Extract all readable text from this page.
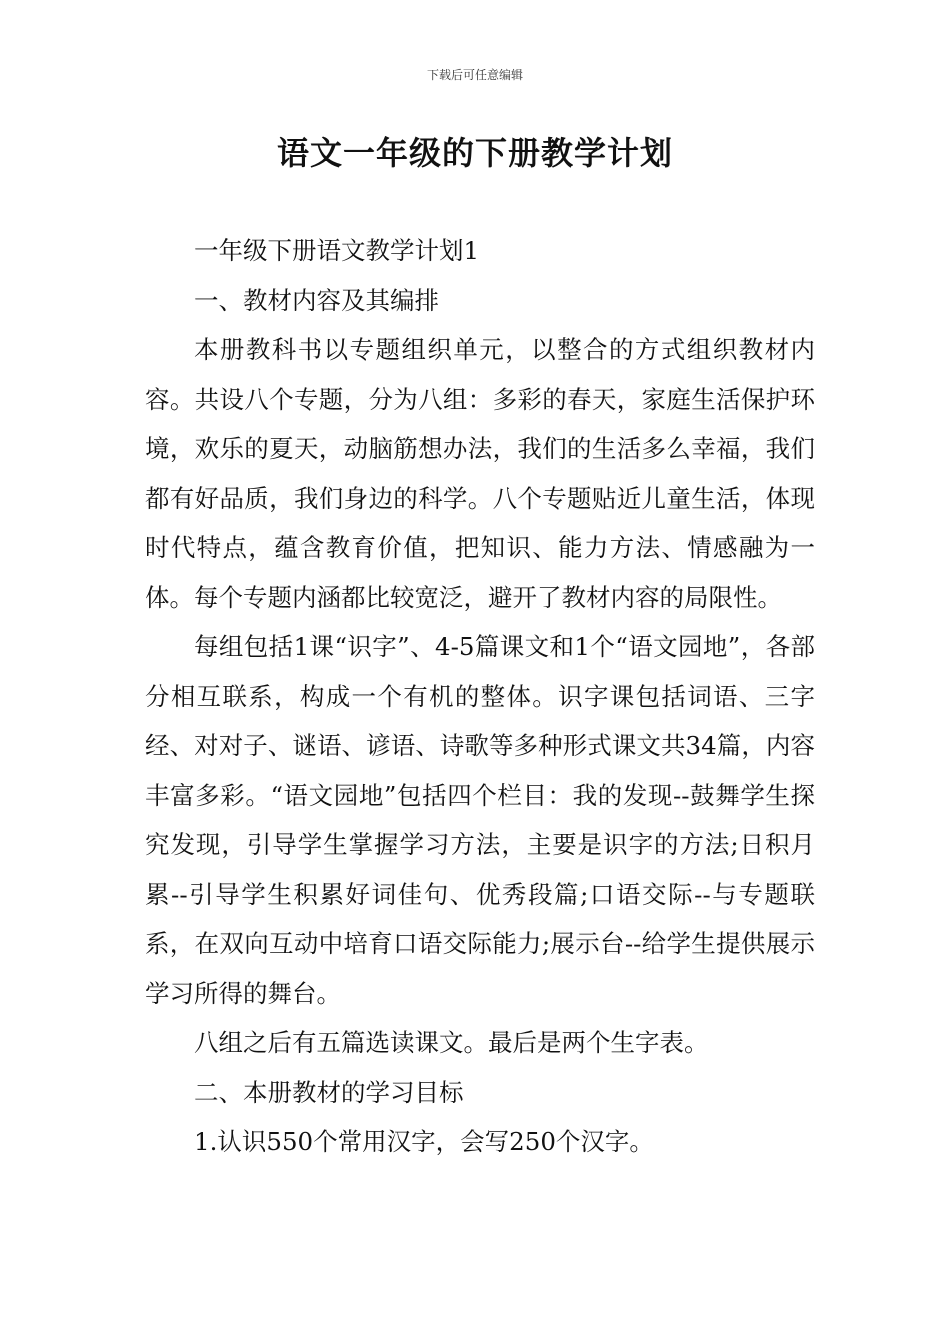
下载后可任意编辑
语文一年级的下册教学计划

一年级下册语文教学计划1

一、教材内容及其编排

本册教科书以专题组织单元，以整合的方式组织教材内容。共设八个专题，分为八组：多彩的春天，家庭生活保护环境，欢乐的夏天，动脑筋想办法，我们的生活多么幸福，我们都有好品质，我们身边的科学。八个专题贴近儿童生活，体现时代特点，蕴含教育价值，把知识、能力方法、情感融为一体。每个专题内涵都比较宽泛，避开了教材内容的局限性。

每组包括1课“识字”、4-5篇课文和1个“语文园地”，各部分相互联系，构成一个有机的整体。识字课包括词语、三字经、对对子、谜语、谚语、诗歌等多种形式课文共34篇，内容丰富多彩。“语文园地”包括四个栏目：我的发现--鼓舞学生探究发现，引导学生掌握学习方法，主要是识字的方法;日积月累--引导学生积累好词佳句、优秀段篇;口语交际--与专题联系，在双向互动中培育口语交际能力;展示台--给学生提供展示学习所得的舞台。

八组之后有五篇选读课文。最后是两个生字表。

二、本册教材的学习目标

1.认识550个常用汉字，会写250个汉字。
